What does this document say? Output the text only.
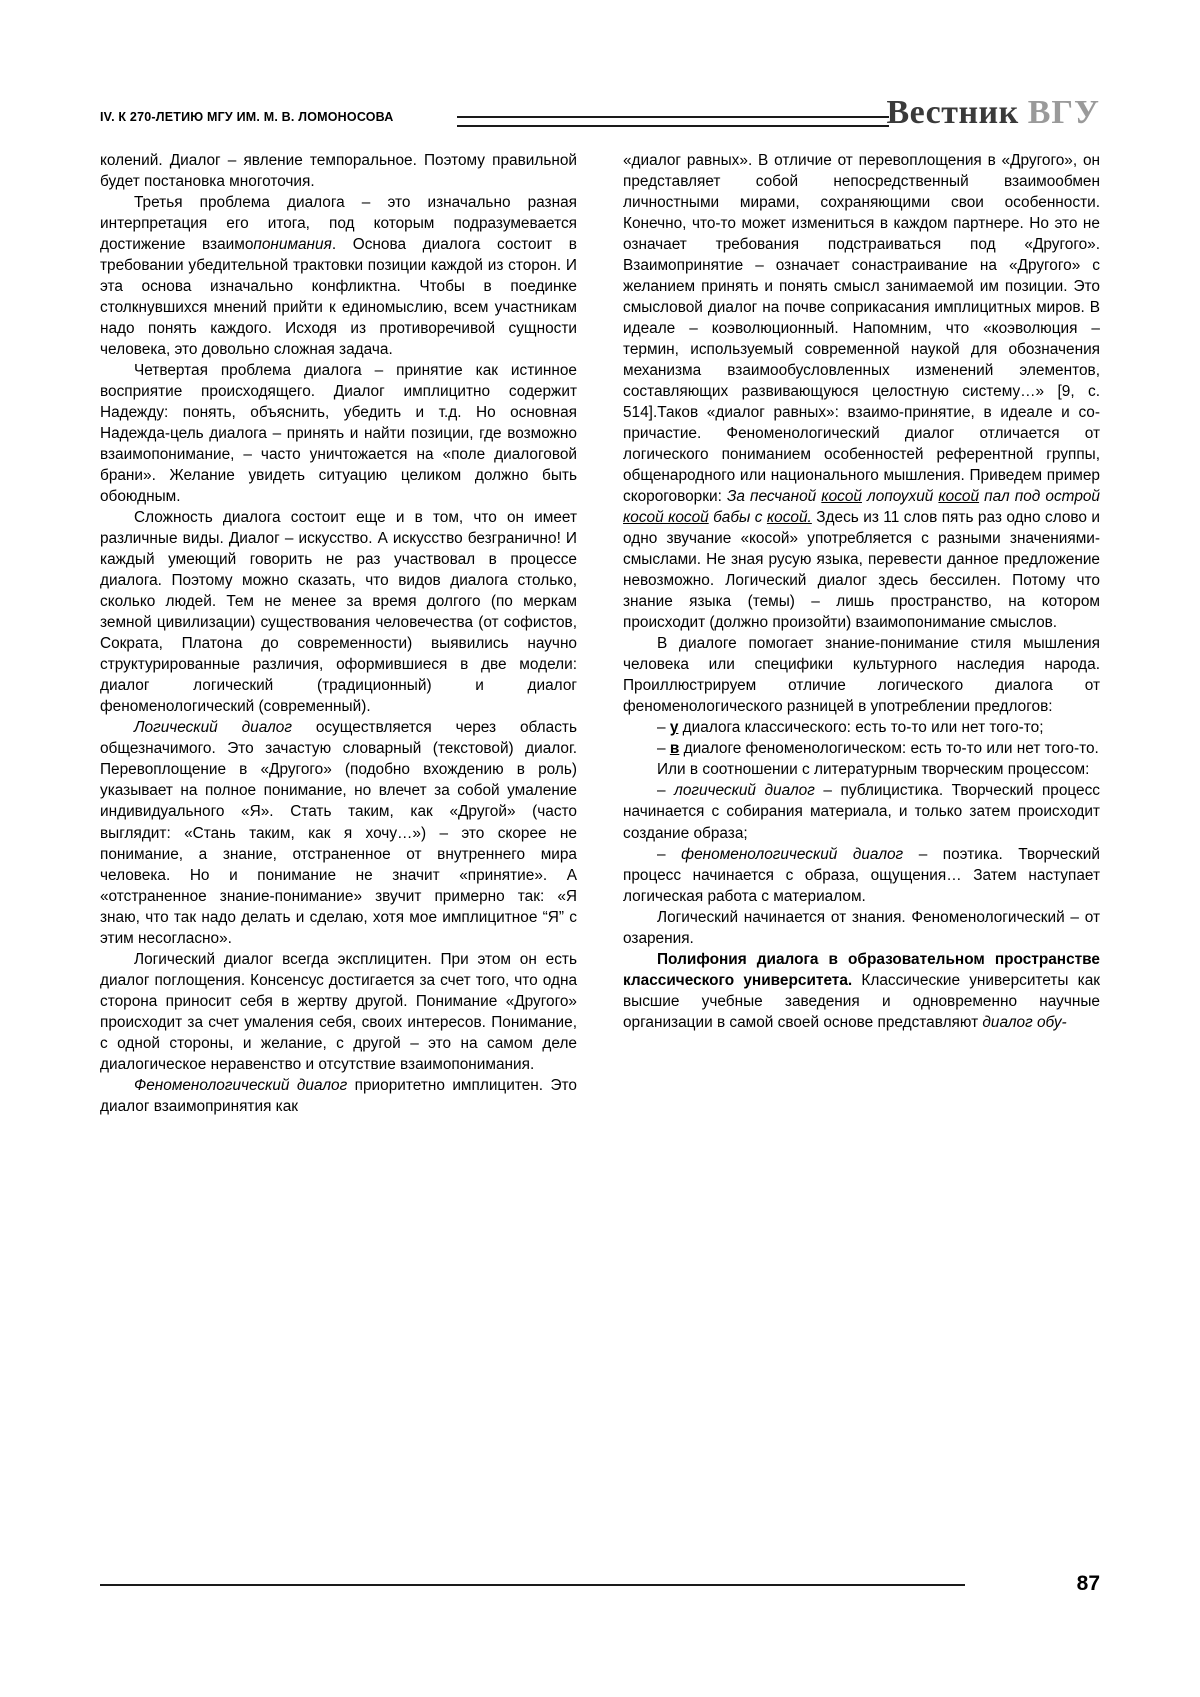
IV. К 270-ЛЕТИЮ МГУ ИМ. М. В. ЛОМОНОСОВА	Вестник ВГУ

колений. Диалог – явление темпоральное. Поэтому правильной будет постановка многоточия.

Третья проблема диалога – это изначально разная интерпретация его итога, под которым подразумевается достижение взаимопонимания. Основа диалога состоит в требовании убедительной трактовки позиции каждой из сторон. И эта основа изначально конфликтна. Чтобы в поединке столкнувшихся мнений прийти к единомыслию, всем участникам надо понять каждого. Исходя из противоречивой сущности человека, это довольно сложная задача.

Четвертая проблема диалога – принятие как истинное восприятие происходящего. Диалог имплицитно содержит Надежду: понять, объяснить, убедить и т.д. Но основная Надежда-цель диалога – принять и найти позиции, где возможно взаимопонимание, – часто уничтожается на «поле диалоговой брани». Желание увидеть ситуацию целиком должно быть обоюдным.

Сложность диалога состоит еще и в том, что он имеет различные виды. Диалог – искусство. А искусство безгранично! И каждый умеющий говорить не раз участвовал в процессе диалога. Поэтому можно сказать, что видов диалога столько, сколько людей. Тем не менее за время долгого (по меркам земной цивилизации) существования человечества (от софистов, Сократа, Платона до современности) выявились научно структурированные различия, оформившиеся в две модели: диалог логический (традиционный) и диалог феноменологический (современный).

Логический диалог осуществляется через область общезначимого. Это зачастую словарный (текстовой) диалог. Перевоплощение в «Другого» (подобно вхождению в роль) указывает на полное понимание, но влечет за собой умаление индивидуального «Я». Стать таким, как «Другой» (часто выглядит: «Стань таким, как я хочу…») – это скорее не понимание, а знание, отстраненное от внутреннего мира человека. Но и понимание не значит «принятие». А «отстраненное знание-понимание» звучит примерно так: «Я знаю, что так надо делать и сделаю, хотя мое имплицитное “Я” с этим несогласно».

Логический диалог всегда эксплицитен. При этом он есть диалог поглощения. Консенсус достигается за счет того, что одна сторона приносит себя в жертву другой. Понимание «Другого» происходит за счет умаления себя, своих интересов. Понимание, с одной стороны, и желание, с другой – это на самом деле диалогическое неравенство и отсутствие взаимопонимания.

Феноменологический диалог приоритетно имплицитен. Это диалог взаимопринятия как

«диалог равных». В отличие от перевоплощения в «Другого», он представляет собой непосредственный взаимообмен личностными мирами, сохраняющими свои особенности. Конечно, что-то может измениться в каждом партнере. Но это не означает требования подстраиваться под «Другого». Взаимопринятие – означает сонастраивание на «Другого» с желанием принять и понять смысл занимаемой им позиции. Это смысловой диалог на почве соприкасания имплицитных миров. В идеале – коэволюционный. Напомним, что «коэволюция – термин, используемый современной наукой для обозначения механизма взаимообусловленных изменений элементов, составляющих развивающуюся целостную систему…» [9, с. 514].Таков «диалог равных»: взаимо-принятие, в идеале и со-причастие. Феноменологический диалог отличается от логического пониманием особенностей референтной группы, общенародного или национального мышления. Приведем пример скороговорки: За песчаной косой лопоухий косой пал под острой косой косой бабы с косой. Здесь из 11 слов пять раз одно слово и одно звучание «косой» употребляется с разными значениями-смыслами. Не зная русую языка, перевести данное предложение невозможно. Логический диалог здесь бессилен. Потому что знание языка (темы) – лишь пространство, на котором происходит (должно произойти) взаимопонимание смыслов.

В диалоге помогает знание-понимание стиля мышления человека или специфики культурного наследия народа. Проиллюстрируем отличие логического диалога от феноменологического разницей в употреблении предлогов:

– у диалога классического: есть то-то или нет того-то;

– в диалоге феноменологическом: есть то-то или нет того-то.

Или в соотношении с литературным творческим процессом:

– логический диалог – публицистика. Творческий процесс начинается с собирания материала, и только затем происходит создание образа;

– феноменологический диалог – поэтика. Творческий процесс начинается с образа, ощущения… Затем наступает логическая работа с материалом.

Логический начинается от знания. Феноменологический – от озарения.

Полифония диалога в образовательном пространстве классического университета. Классические университеты как высшие учебные заведения и одновременно научные организации в самой своей основе представляют диалог обу-

87
